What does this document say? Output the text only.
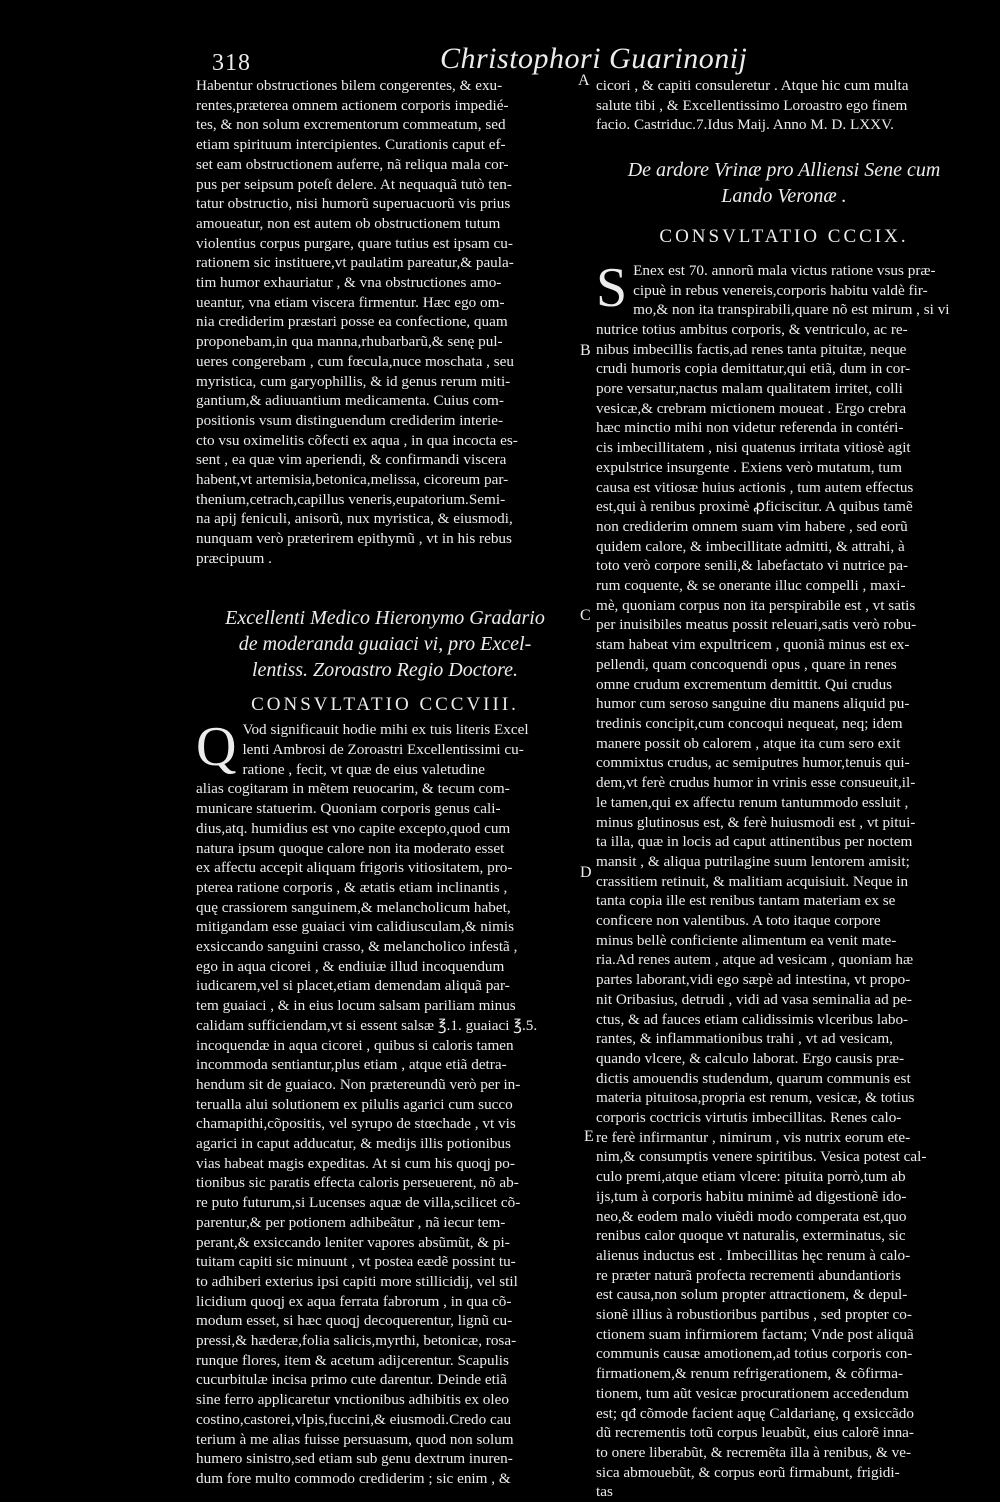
318	Christophori Guarinonij
A
B
C
D
E
Habentur obstructiones bilem congerentes, & exu-
rentes,præterea omnem actionem corporis impedié-
tes, & non solum excrementorum commeatum, sed
etiam spirituum intercipientes. Curationis caput ef-
set eam obstructionem auferre, nã reliqua mala cor-
pus per seipsum poteſt delere. At nequaquã tutò ten-
tatur obstructio, nisi humorũ superuacuorũ vis prius
amoueatur, non est autem ob obstructionem tutum
violentius corpus purgare, quare tutius est ipsam cu-
rationem sic instituere,vt paulatim pareatur,& paula-
tim humor exhauriatur , & vna obstructiones amo-
ueantur, vna etiam viscera firmentur. Hæc ego om-
nia crediderim præstari posse ea confectione, quam
proponebam,in qua manna,rhubarbarũ,& senę pul-
ueres congerebam , cum fœcula,nuce moschata , seu
myristica, cum garyophillis, & id genus rerum miti-
gantium,& adiuuantium medicamenta. Cuius com-
positionis vsum distinguendum crediderim interie-
cto vsu oximelitis cõfecti ex aqua , in qua incocta es-
sent , ea quæ vim aperiendi, & confirmandi viscera
habent,vt artemisia,betonica,melissa, cicoreum par-
thenium,cetrach,capillus veneris,eupatorium.Semi-
na apij feniculi, anisorũ, nux myristica, & eiusmodi,
nunquam verò præterirem epithymũ , vt in his rebus
præcipuum .
Excellenti Medico Hieronymo Gradario
de moderanda guaiaci vi, pro Excel-
lentiss. Zoroastro Regio Doctore.
CONSVLTATIO CCCVIII.
Q Vod significauit hodie mihi ex tuis literis Excel
lenti Ambrosi de Zoroastri Excellentissimi cu-
ratione , fecit, vt quæ de eius valetudine
alias cogitaram in mẽtem reuocarim, & tecum com-
municare statuerim. Quoniam corporis genus cali-
dius,atq. humidius est vno capite excepto,quod cum
natura ipsum quoque calore non ita moderato esset
ex affectu accepit aliquam frigoris vitiositatem, pro-
pterea ratione corporis , & ætatis etiam inclinantis ,
quę crassiorem sanguinem,& melancholicum habet,
mitigandam esse guaiaci vim calidiusculam,& nimis
exsiccando sanguini crasso, & melancholico infestã ,
ego in aqua cicorei , & endiuiæ illud incoquendum
iudicarem,vel si placet,etiam demendam aliquã par-
tem guaiaci , & in eius locum salsam pariliam minus
calidam sufficiendam,vt si essent salsæ ℥.1. guaiaci ℥.5.
incoquendæ in aqua cicorei , quibus si caloris tamen
incommoda sentiantur,plus etiam , atque etiã detra-
hendum sit de guaiaco. Non prætereundũ verò per in-
terualla alui solutionem ex pilulis agarici cum succo
chamapithi,cõpositis, vel syrupo de stœchade , vt vis
agarici in caput adducatur, & medijs illis potionibus
vias habeat magis expeditas. At si cum his quoqj po-
tionibus sic paratis effecta caloris perseuerent, nõ ab-
re puto futurum,si Lucenses aquæ de villa,scilicet cõ-
parentur,& per potionem adhibeãtur , nã iecur tem-
perant,& exsiccando leniter vapores absũmũt, & pi-
tuitam capiti sic minuunt , vt postea eædẽ possint tu-
to adhiberi exterius ipsi capiti more stillicidij, vel stil
licidium quoqj ex aqua ferrata fabrorum , in qua cõ-
modum esset, si hæc quoqj decoquerentur, lignũ cu-
pressi,& hæderæ,folia salicis,myrthi, betonicæ, rosa-
runque flores, item & acetum adijcerentur. Scapulis
cucurbitulæ incisa primo cute darentur. Deinde etiã
sine ferro applicaretur vnctionibus adhibitis ex oleo
costino,castorei,vlpis,fuccini,& eiusmodi.Credo cau
terium à me alias fuisse persuasum, quod non solum
humero sinistro,sed etiam sub genu dextrum inuren-
dum fore multo commodo crediderim ; sic enim , &
cicori , & capiti consuleretur . Atque hic cum multa
salute tibi , & Excellentissimo Loroastro ego finem
facio. Castriduc.7.Idus Maij. Anno M. D. LXXV.
De ardore Vrinæ pro Alliensi Sene cum
Lando Veronæ .
CONSVLTATIO CCCIX.
S Enex est 70. annorũ mala victus ratione vsus præ-
cipuè in rebus venereis,corporis habitu valdè fir-
mo,& non ita transpirabili,quare nõ est mirum , si vi
nutrice totius ambitus corporis, & ventriculo, ac re-
nibus imbecillis factis,ad renes tanta pituitæ, neque
crudi humoris copia demittatur,qui etiã, dum in cor-
pore versatur,nactus malam qualitatem irritet, colli
vesicæ,& crebram mictionem moueat . Ergo crebra
hæc minctio mihi non videtur referenda in contéri-
cis imbecillitatem , nisi quatenus irritata vitiosè agit
expulstrice insurgente . Exiens verò mutatum, tum
causa est vitiosæ huius actionis , tum autem effectus
est,qui à renibus proximè ꝓficiscitur. A quibus tamẽ
non crediderim omnem suam vim habere , sed eorũ
quidem calore, & imbecillitate admitti, & attrahi, à
toto verò corpore senili,& labefactato vi nutrice pa-
rum coquente, & se onerante illuc compelli , maxi-
mè, quoniam corpus non ita perspirabile est , vt satis
per inuisibiles meatus possit releuari,satis verò robu-
stam habeat vim expultricem , quoniã minus est ex-
pellendi, quam concoquendi opus , quare in renes
omne crudum excrementum demittit. Qui crudus
humor cum seroso sanguine diu manens aliquid pu-
tredinis concipit,cum concoqui nequeat, neq; idem
manere possit ob calorem , atque ita cum sero exit
commixtus crudus, ac semiputres humor,tenuis qui-
dem,vt ferè crudus humor in vrinis esse consueuit,il-
le tamen,qui ex affectu renum tantummodo essluit ,
minus glutinosus est, & ferè huiusmodi est , vt pitui-
ta illa, quæ in locis ad caput attinentibus per noctem
mansit , & aliqua putrilagine suum lentorem amisit;
crassitiem retinuit, & malitiam acquisiuit. Neque in
tanta copia ille est renibus tantam materiam ex se
conficere non valentibus. A toto itaque corpore
minus bellè conficiente alimentum ea venit mate-
ria.Ad renes autem , atque ad vesicam , quoniam hæ
partes laborant,vidi ego sæpè ad intestina, vt propo-
nit Oribasius, detrudi , vidi ad vasa seminalia ad pe-
ctus, & ad fauces etiam calidissimis vlceribus labo-
rantes, & inflammationibus trahi , vt ad vesicam,
quando vlcere, & calculo laborat. Ergo causis præ-
dictis amouendis studendum, quarum communis est
materia pituitosa,propria est renum, vesicæ, & totius
corporis coctricis virtutis imbecillitas. Renes calo-
re ferè infirmantur , nimirum , vis nutrix eorum ete-
nim,& consumptis venere spiritibus. Vesica potest cal-
culo premi,atque etiam vlcere: pituita porrò,tum ab
ijs,tum à corporis habitu minimè ad digestionẽ ido-
neo,& eodem malo viuẽdi modo comperata est,quo
renibus calor quoque vt naturalis, exterminatus, sic
alienus inductus est . Imbecillitas hęc renum à calo-
re præter naturã profecta recrementi abundantioris
est causa,non solum propter attractionem, & depul-
sionẽ illius à robustioribus partibus , sed propter co-
ctionem suam infirmiorem factam; Vnde post aliquã
communis causæ amotionem,ad totius corporis con-
firmationem,& renum refrigerationem, & cõfirma-
tionem, tum aũt vesicæ procurationem accedendum
est; qđ cõmode facient aquę Caldarianę, q exsiccãdo
dũ recrementis totũ corpus leuabũt, eius calorẽ inna-
to onere liberabũt, & recremẽta illa à renibus, & ve-
sica abmouebũt, & corpus eorũ firmabunt, frigidi-
tas
